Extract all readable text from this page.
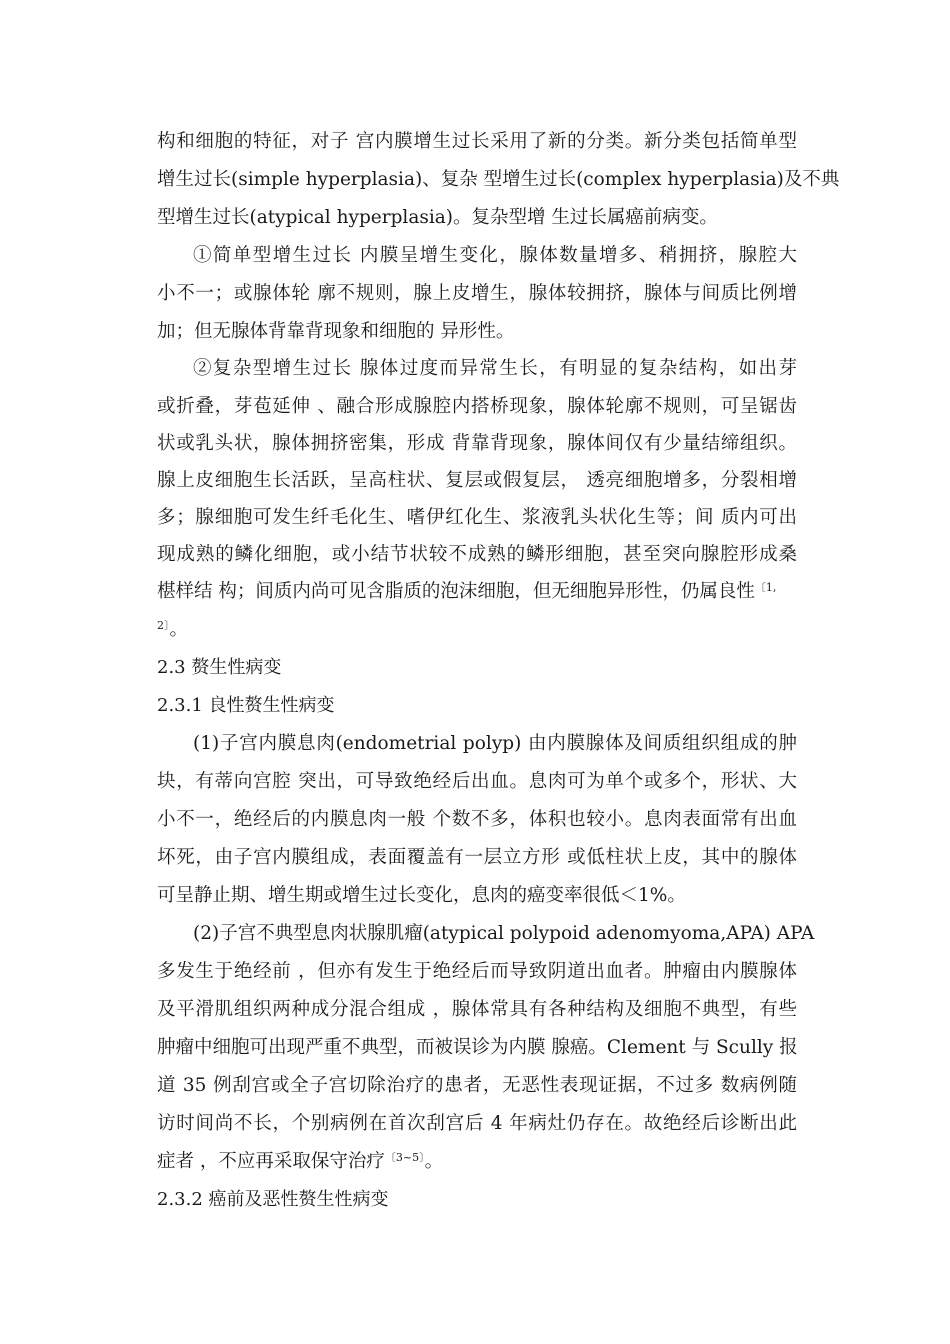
构和细胞的特征，对子 宫内膜增生过长采用了新的分类。新分类包括简单型

增生过长(simple hyperplasia)、复杂 型增生过长(complex hyperplasia)及不典

型增生过长(atypical hyperplasia)。复杂型增 生过长属癌前病变。

①简单型增生过长 内膜呈增生变化，腺体数量增多、稍拥挤，腺腔大

小不一；或腺体轮 廓不规则，腺上皮增生，腺体较拥挤，腺体与间质比例增

加；但无腺体背靠背现象和细胞的 异形性。

②复杂型增生过长 腺体过度而异常生长，有明显的复杂结构，如出芽

或折叠，芽苞延伸 、融合形成腺腔内搭桥现象，腺体轮廓不规则，可呈锯齿

状或乳头状，腺体拥挤密集，形成 背靠背现象，腺体间仅有少量结缔组织。

腺上皮细胞生长活跃，呈高柱状、复层或假复层， 透亮细胞增多，分裂相增

多；腺细胞可发生纤毛化生、嗜伊红化生、浆液乳头状化生等；间 质内可出

现成熟的鳞化细胞，或小结节状较不成熟的鳞形细胞，甚至突向腺腔形成桑

椹样结 构；间质内尚可见含脂质的泡沫细胞，但无细胞异形性，仍属良性$^{〔1,}$

$^{2〕}$。

2.3 赘生性病变

2.3.1 良性赘生性病变

(1)子宫内膜息肉(endometrial polyp) 由内膜腺体及间质组织组成的肿

块，有蒂向宫腔 突出，可导致绝经后出血。息肉可为单个或多个，形状、大

小不一，绝经后的内膜息肉一般 个数不多，体积也较小。息肉表面常有出血

坏死，由子宫内膜组成，表面覆盖有一层立方形 或低柱状上皮，其中的腺体

可呈静止期、增生期或增生过长变化，息肉的癌变率很低＜1%。

(2)子宫不典型息肉状腺肌瘤(atypical polypoid adenomyoma,APA) APA

多发生于绝经前 ，但亦有发生于绝经后而导致阴道出血者。肿瘤由内膜腺体

及平滑肌组织两种成分混合组成 ，腺体常具有各种结构及细胞不典型，有些

肿瘤中细胞可出现严重不典型，而被误诊为内膜 腺癌。Clement 与 Scully 报

道 35 例刮宫或全子宫切除治疗的患者，无恶性表现证据，不过多 数病例随

访时间尚不长，个别病例在首次刮宫后 4 年病灶仍存在。故绝经后诊断出此

症者 ，不应再采取保守治疗$^{〔3\sim 5〕}$。

2.3.2 癌前及恶性赘生性病变
